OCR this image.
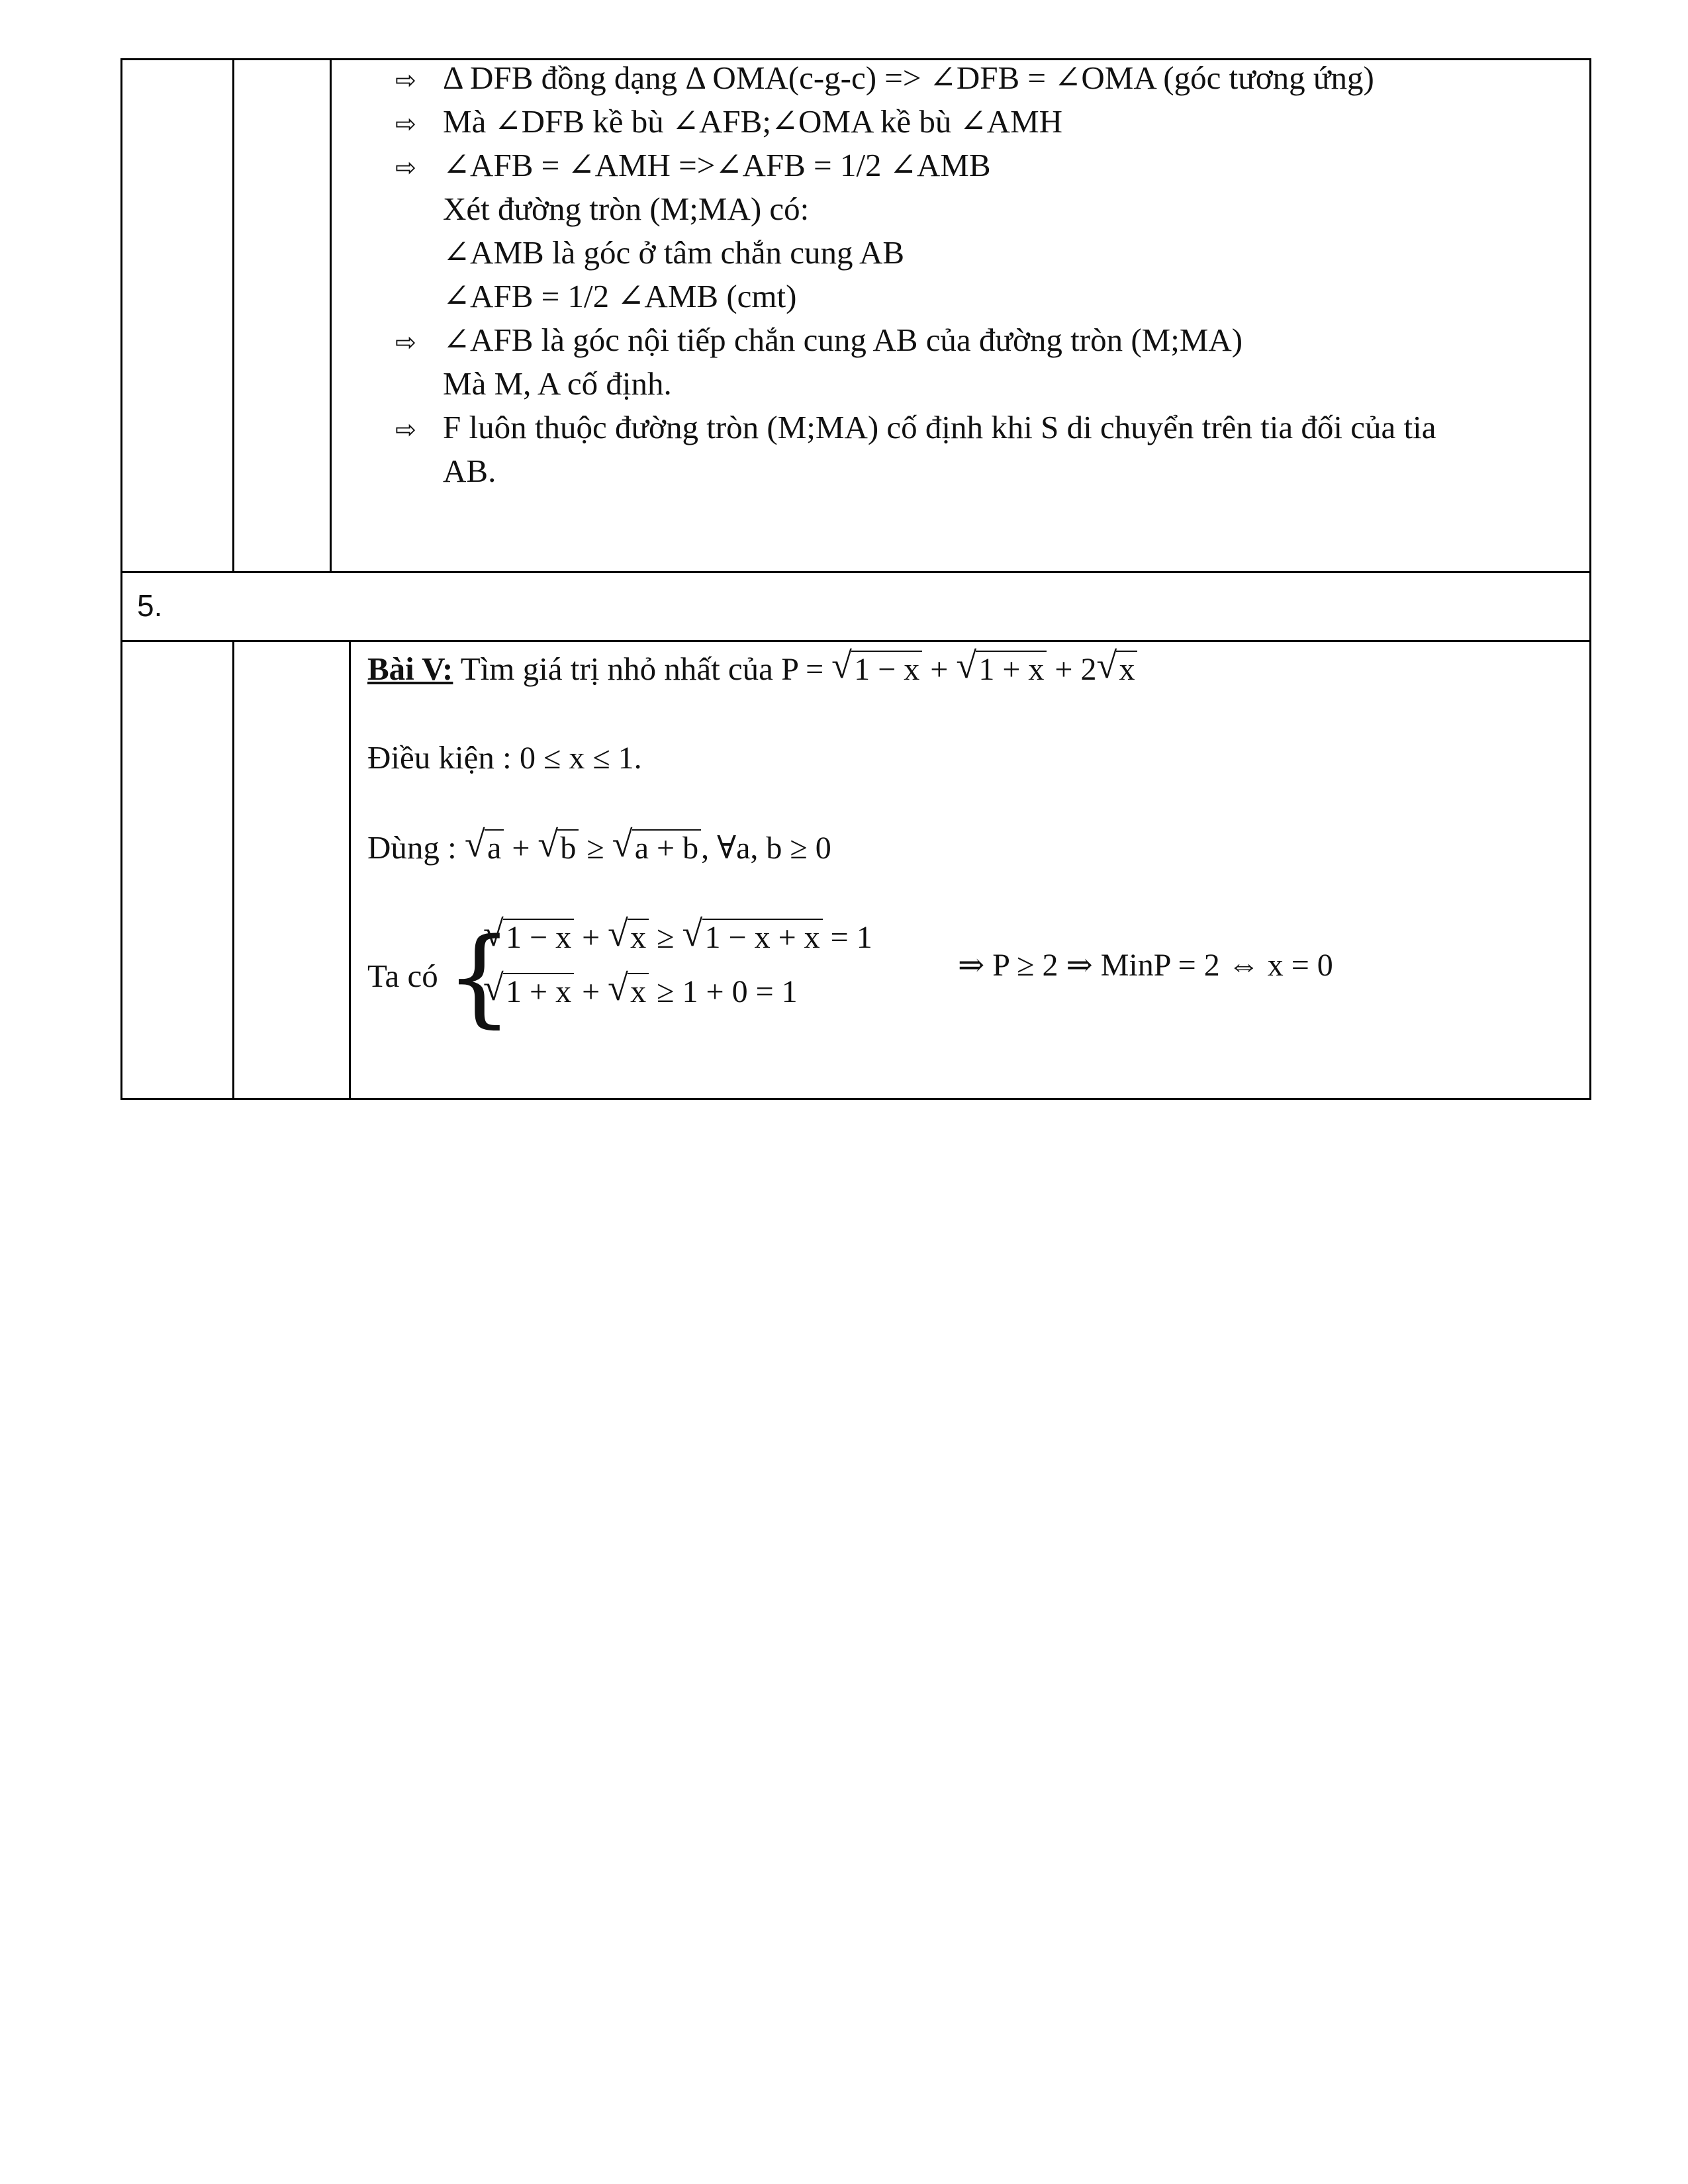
⇨ Δ DFB đồng dạng Δ OMA(c-g-c) => ∠DFB = ∠OMA (góc tương ứng)
⇨ Mà ∠DFB kề bù ∠AFB;∠OMA kề bù ∠AMH
⇨ ∠AFB = ∠AMH =>∠AFB = 1/2 ∠AMB
Xét đường tròn (M;MA) có:
∠AMB là góc ở tâm chắn cung AB
∠AFB = 1/2 ∠AMB (cmt)
⇨ ∠AFB là góc nội tiếp chắn cung AB của đường tròn (M;MA)
Mà M, A cố định.
⇨ F luôn thuộc đường tròn (M;MA) cố định khi S di chuyển trên tia đối của tia
AB.
5.
Bài V: Tìm giá trị nhỏ nhất của P = √ 1 − x + √ 1 + x + 2 √ x
Điều kiện : 0 ≤ x ≤ 1.
Dùng : √ a + √ b ≥ √ a + b, ∀a, b ≥ 0
Ta có {
√ 1 − x + √ x ≥ √ 1 − x + x = 1
√ 1 + x + √ x ≥ 1 + 0 = 1
⇒ P ≥ 2 ⇒ MinP = 2 ⇔ x = 0
